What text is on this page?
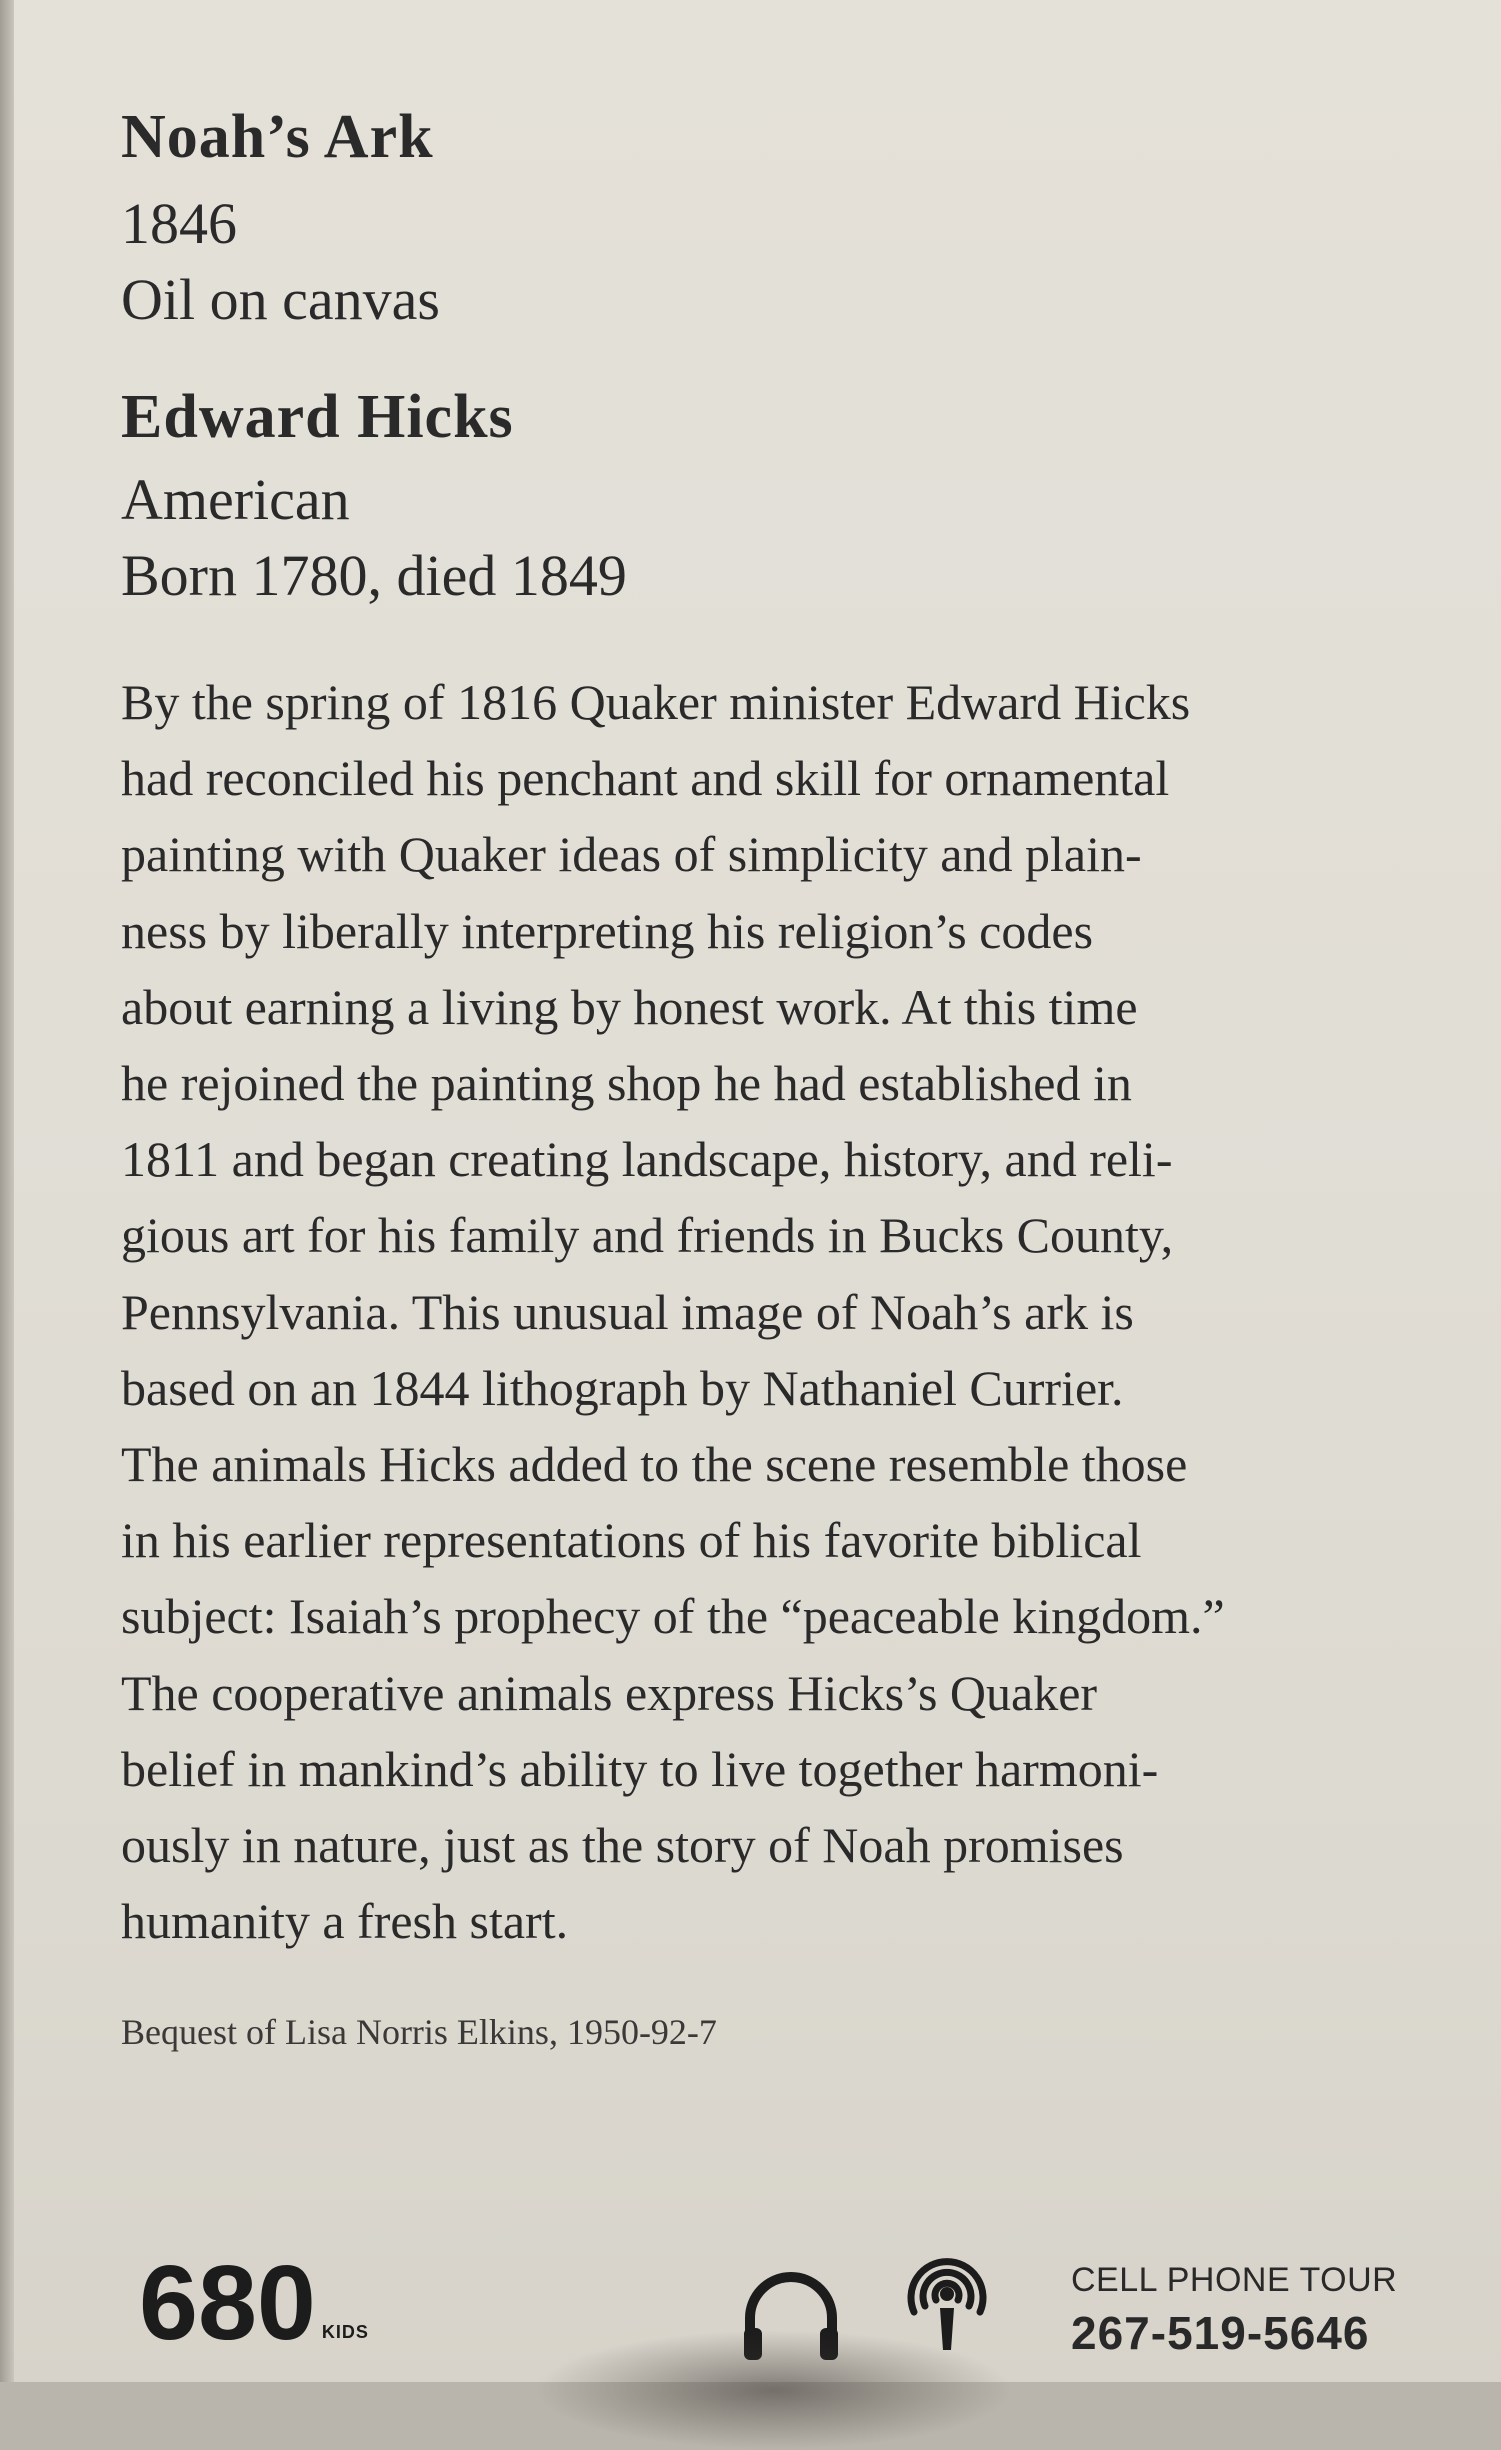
Noah’s Ark
1846
Oil on canvas
Edward Hicks
American
Born 1780, died 1849

By the spring of 1816 Quaker minister Edward Hicks
had reconciled his penchant and skill for ornamental
painting with Quaker ideas of simplicity and plain-
ness by liberally interpreting his religion’s codes
about earning a living by honest work. At this time
he rejoined the painting shop he had established in
1811 and began creating landscape, history, and reli-
gious art for his family and friends in Bucks County,
Pennsylvania. This unusual image of Noah’s ark is
based on an 1844 lithograph by Nathaniel Currier.
The animals Hicks added to the scene resemble those
in his earlier representations of his favorite biblical
subject: Isaiah’s prophecy of the “peaceable kingdom.”
The cooperative animals express Hicks’s Quaker
belief in mankind’s ability to live together harmoni-
ously in nature, just as the story of Noah promises
humanity a fresh start.

Bequest of Lisa Norris Elkins, 1950-92-7
680 KIDS
CELL PHONE TOUR
267-519-5646
